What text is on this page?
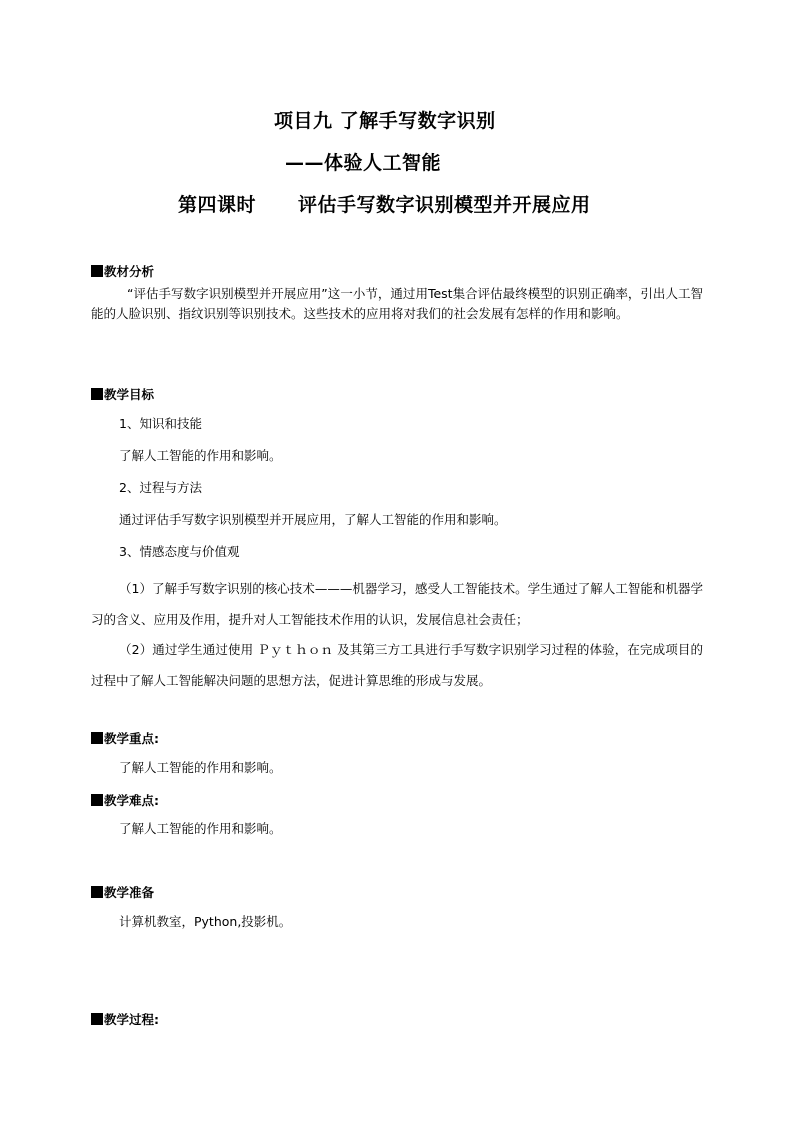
项目九 了解手写数字识别
——体验人工智能
第四课时 评估手写数字识别模型并开展应用
教材分析
“评估手写数字识别模型并开展应用”这一小节，通过用Test集合评估最终模型的识别正确率，引出人工智能的人脸识别、指纹识别等识别技术。这些技术的应用将对我们的社会发展有怎样的作用和影响。
教学目标
1、知识和技能
了解人工智能的作用和影响。
2、过程与方法
通过评估手写数字识别模型并开展应用，了解人工智能的作用和影响。
3、情感态度与价值观
（1）了解手写数字识别的核心技术———机器学习，感受人工智能技术。学生通过了解人工智能和机器学习的含义、应用及作用，提升对人工智能技术作用的认识，发展信息社会责任；
（2）通过学生通过使用 Ｐｙｔｈｏｎ 及其第三方工具进行手写数字识别学习过程的体验，在完成项目的过程中了解人工智能解决问题的思想方法，促进计算思维的形成与发展。
教学重点:
了解人工智能的作用和影响。
教学难点:
了解人工智能的作用和影响。
教学准备
计算机教室，Python,投影机。
教学过程:
